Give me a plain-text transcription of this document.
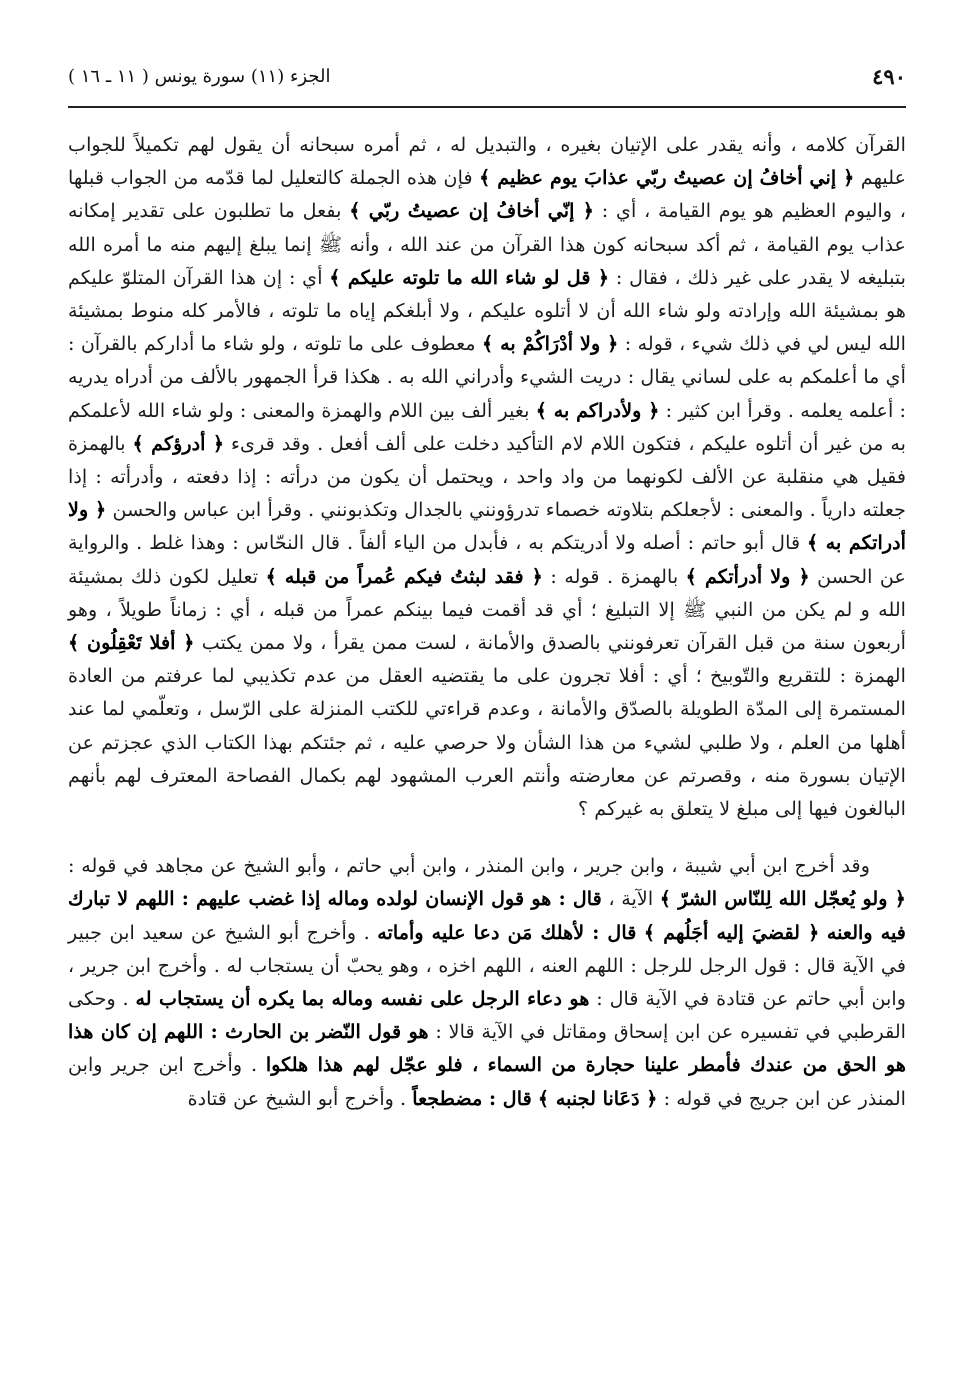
٤٩٠
الجزء (١١) سورة يونس ( ١١ ـ ١٦ )

القرآن كلامه ، وأنه يقدر على الإتيان بغيره ، والتبديل له ، ثم أمره سبحانه أن يقول لهم تكميلاً للجواب عليهم ﴿ إني أخافُ إن عصيتُ ربّي عذابَ يوم عظيم ﴾ فإن هذه الجملة كالتعليل لما قدّمه من الجواب قبلها ، واليوم العظيم هو يوم القيامة ، أي : ﴿ إنّي أخافُ إن عصيتُ ربّي ﴾ بفعل ما تطلبون على تقدير إمكانه عذاب يوم القيامة ، ثم أكد سبحانه كون هذا القرآن من عند الله ، وأنه ﷺ إنما يبلغ إليهم منه ما أمره الله بتبليغه لا يقدر على غير ذلك ، فقال : ﴿ قل لو شاء الله ما تلوته عليكم ﴾ أي : إن هذا القرآن المتلوّ عليكم هو بمشيئة الله وإرادته ولو شاء الله أن لا أتلوه عليكم ، ولا أبلغكم إياه ما تلوته ، فالأمر كله منوط بمشيئة الله ليس لي في ذلك شيء ، قوله : ﴿ ولا أدْرَاكُمْ به ﴾ معطوف على ما تلوته ، ولو شاء ما أداركم بالقرآن : أي ما أعلمكم به على لساني يقال : دريت الشيء وأدراني الله به . هكذا قرأ الجمهور بالألف من أدراه يدريه : أعلمه يعلمه . وقرأ ابن كثير : ﴿ ولأدراكم به ﴾ بغير ألف بين اللام والهمزة والمعنى : ولو شاء الله لأعلمكم به من غير أن أتلوه عليكم ، فتكون اللام لام التأكيد دخلت على ألف أفعل . وقد قرىء ﴿ أدرؤكم ﴾ بالهمزة فقيل هي منقلبة عن الألف لكونهما من واد واحد ، ويحتمل أن يكون من درأته : إذا دفعته ، وأدرأته : إذا جعلته دارياً . والمعنى : لأجعلكم بتلاوته خصماء تدرؤونني بالجدال وتكذبونني . وقرأ ابن عباس والحسن ﴿ ولا أدراتكم به ﴾ قال أبو حاتم : أصله ولا أدريتكم به ، فأبدل من الياء ألفاً . قال النحّاس : وهذا غلط . والرواية عن الحسن ﴿ ولا أدرأتكم ﴾ بالهمزة . قوله : ﴿ فقد لبثتُ فيكم عُمراً من قبله ﴾ تعليل لكون ذلك بمشيئة الله و لم يكن من النبي ﷺ إلا التبليغ ؛ أي قد أقمت فيما بينكم عمراً من قبله ، أي : زماناً طويلاً ، وهو أربعون سنة من قبل القرآن تعرفونني بالصدق والأمانة ، لست ممن يقرأ ، ولا ممن يكتب ﴿ أفلا تَعْقِلُون ﴾ الهمزة : للتقريع والتّوبيخ ؛ أي : أفلا تجرون على ما يقتضيه العقل من عدم تكذيبي لما عرفتم من العادة المستمرة إلى المدّة الطويلة بالصدّق والأمانة ، وعدم قراءتي للكتب المنزلة على الرّسل ، وتعلّمي لما عند أهلها من العلم ، ولا طلبي لشيء من هذا الشأن ولا حرصي عليه ، ثم جئتكم بهذا الكتاب الذي عجزتم عن الإتيان بسورة منه ، وقصرتم عن معارضته وأنتم العرب المشهود لهم بكمال الفصاحة المعترف لهم بأنهم البالغون فيها إلى مبلغ لا يتعلق به غيركم ؟

وقد أخرج ابن أبي شيبة ، وابن جرير ، وابن المنذر ، وابن أبي حاتم ، وأبو الشيخ عن مجاهد في قوله : ﴿ ولو يُعجّل الله لِلنّاس الشرّ ﴾ الآية ، قال : هو قول الإنسان لولده وماله إذا غضب عليهم : اللهم لا تبارك فيه والعنه ﴿ لقضيَ إليه أجَلُهم ﴾ قال : لأهلك مَن دعا عليه وأماته . وأخرج أبو الشيخ عن سعيد ابن جبير في الآية قال : قول الرجل للرجل : اللهم العنه ، اللهم اخزه ، وهو يحبّ أن يستجاب له . وأخرج ابن جرير ، وابن أبي حاتم عن قتادة في الآية قال : هو دعاء الرجل على نفسه وماله بما يكره أن يستجاب له . وحكى القرطبي في تفسيره عن ابن إسحاق ومقاتل في الآية قالا : هو قول النّضر بن الحارث : اللهم إن كان هذا هو الحق من عندك فأمطر علينا حجارة من السماء ، فلو عجّل لهم هذا هلكوا . وأخرج ابن جرير وابن المنذر عن ابن جريج في قوله : ﴿ دَعَانا لجنبه ﴾ قال : مضطجعاً . وأخرج أبو الشيخ عن قتادة
